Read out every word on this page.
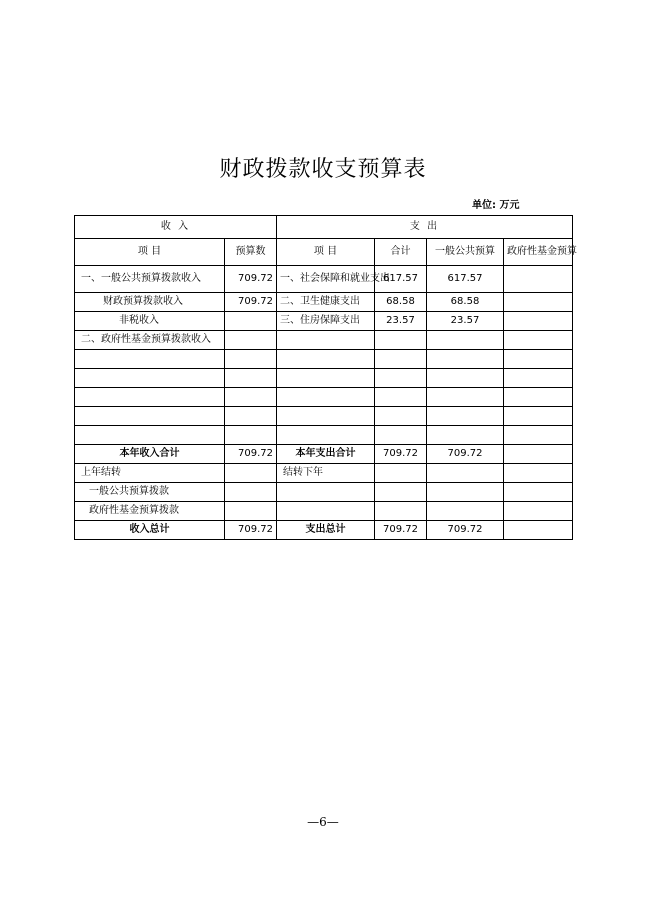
财政拨款收支预算表
单位: 万元
收 入		支 出			
项 目	预算数	项 目	合计	一般公共预算	政府性基金预算
一、一般公共预算拨款收入	709.72	一、社会保障和就业支出	617.57	617.57	
财政预算拨款收入	709.72	二、卫生健康支出	68.58	68.58	
非税收入		三、住房保障支出	23.57	23.57	
二、政府性基金预算拨款收入					

本年收入合计	709.72	本年支出合计	709.72	709.72	
上年结转		结转下年			
一般公共预算拨款					
政府性基金预算拨款					
收入总计	709.72	支出总计	709.72	709.72	
—6—
